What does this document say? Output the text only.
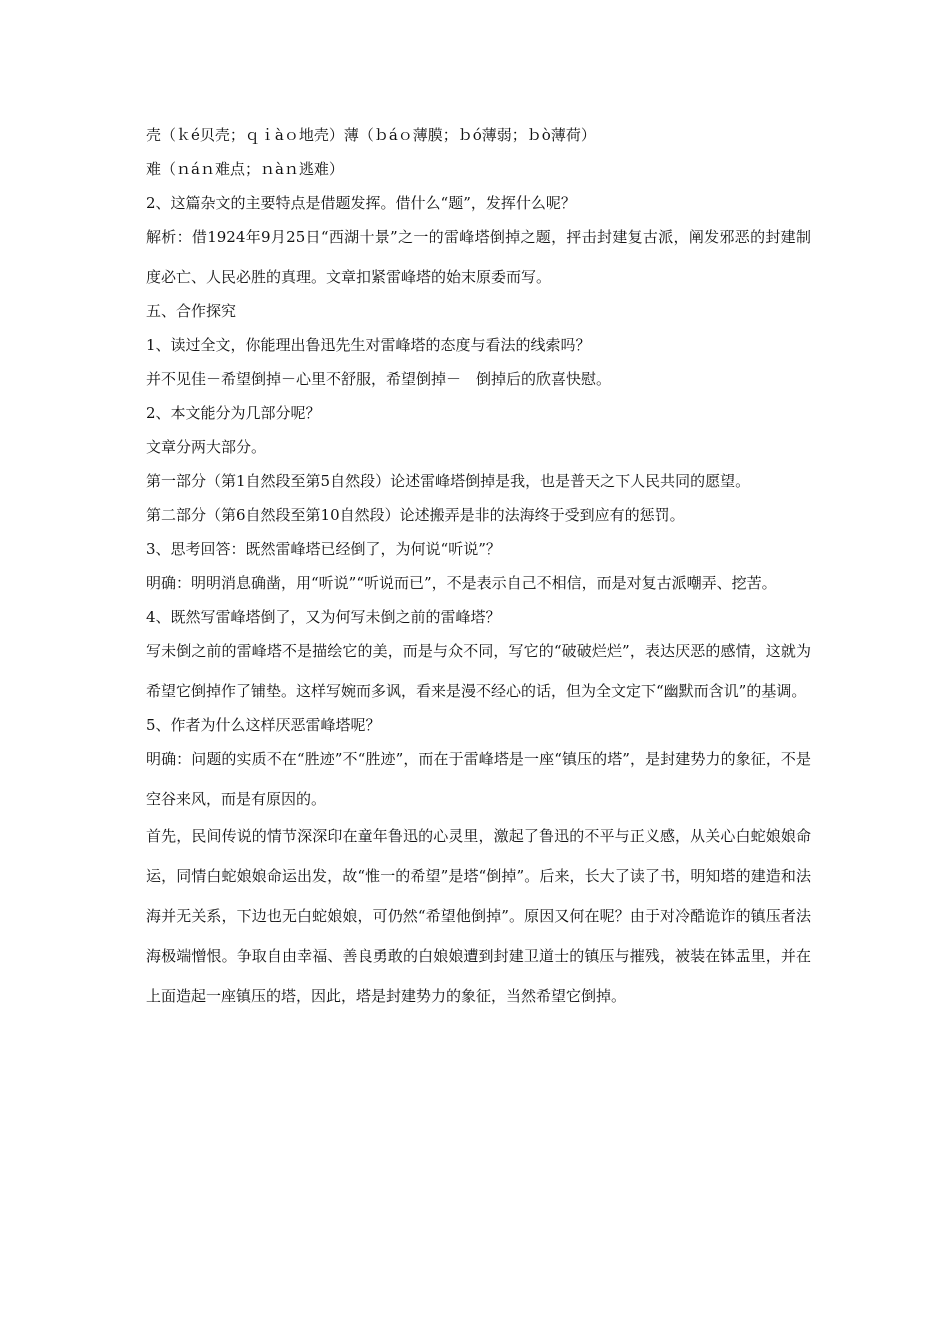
壳（ｋé贝壳；ｑｉàｏ地壳）薄（ｂáｏ薄膜；ｂó薄弱；ｂò薄荷）
难（ｎáｎ难点；ｎàｎ逃难）
2、这篇杂文的主要特点是借题发挥。借什么“题”，发挥什么呢？
解析：借1924年9月25日“西湖十景”之一的雷峰塔倒掉之题，抨击封建复古派，阐发邪恶的封建制度必亡、人民必胜的真理。文章扣紧雷峰塔的始末原委而写。
五、合作探究
1、读过全文，你能理出鲁迅先生对雷峰塔的态度与看法的线索吗？
并不见佳－希望倒掉－心里不舒服，希望倒掉－　倒掉后的欣喜快慰。
2、本文能分为几部分呢？
文章分两大部分。
第一部分（第1自然段至第5自然段）论述雷峰塔倒掉是我，也是普天之下人民共同的愿望。
第二部分（第6自然段至第10自然段）论述搬弄是非的法海终于受到应有的惩罚。
3、思考回答：既然雷峰塔已经倒了，为何说“听说”？
明确：明明消息确凿，用“听说”“听说而已”，不是表示自己不相信，而是对复古派嘲弄、挖苦。
4、既然写雷峰塔倒了，又为何写未倒之前的雷峰塔？
写未倒之前的雷峰塔不是描绘它的美，而是与众不同，写它的“破破烂烂”，表达厌恶的感情，这就为希望它倒掉作了铺垫。这样写婉而多讽，看来是漫不经心的话，但为全文定下“幽默而含讥”的基调。
5、作者为什么这样厌恶雷峰塔呢？
明确：问题的实质不在“胜迹”不“胜迹”，而在于雷峰塔是一座“镇压的塔”，是封建势力的象征，不是空谷来风，而是有原因的。
首先，民间传说的情节深深印在童年鲁迅的心灵里，激起了鲁迅的不平与正义感，从关心白蛇娘娘命运，同情白蛇娘娘命运出发，故“惟一的希望”是塔“倒掉”。后来，长大了读了书，明知塔的建造和法海并无关系，下边也无白蛇娘娘，可仍然“希望他倒掉”。原因又何在呢？由于对冷酷诡诈的镇压者法海极端憎恨。争取自由幸福、善良勇敢的白娘娘遭到封建卫道士的镇压与摧残，被装在钵盂里，并在上面造起一座镇压的塔，因此，塔是封建势力的象征，当然希望它倒掉。
